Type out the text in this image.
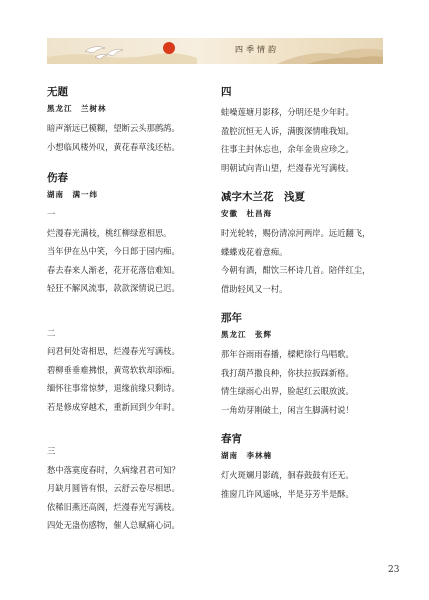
四季情韵
无题
黑龙江　兰树林
暗声渐远已模糊，望断云头那鹧鸪。
小想临风楼外叹，黄花春草浅还枯。
伤春
湖南　满一纬
一
烂漫春光满枝，桃红柳绿惹相思。
当年伊在丛中笑，今日郎于园内痴。
春去春来人渐老，花开花落信难知。
轻狂不解风流事，款款深情说已迟。
二
问君何处寄相思，烂漫春光写满枝。
碧柳垂垂难拂恨，黄莺软软却添痴。
缅怀往事常惊梦，退缘前缘只剩诗。
若是修成穿越术，重新回到少年时。
三
愁中落寞度春时，久病缘君君可知？
月缺月圆皆有恨，云舒云卷尽相思。
依稀旧燕还高阁，烂漫春光写满枝。
四处无蛊伤感物，催人总赋痛心词。
四
蛙噪莲塘月影移，分明还是少年时。
盈腔沉恒无人诉，满腹深情唯我知。
往事主封休忘也，余年金贵应珍之。
明朝试向青山望，烂漫春光写满枝。
减字木兰花　浅夏
安徽　杜昌海
时光轮转，赐份清凉河两岸。远近翻飞，
蝶蝶戏花着意痴。
今朝有酒，酣饮三杯诗几首。陪伴红尘，
借助轻风又一村。
那年
黑龙江　张辉
那年谷雨雨春播，樑耙徐行鸟唱歌。
我打葫芦撒良种，你扶拉扳踩新格。
情生绿雨心出界，脸起红云眼放波。
一角幼芽刚破土，闲言生脚满村说！
春宵
湖南　李林楠
灯火斑斓月影疏，徊春鼓鼓有还无。
推窗几许风遥咏，半是芬芳半是酥。
23
